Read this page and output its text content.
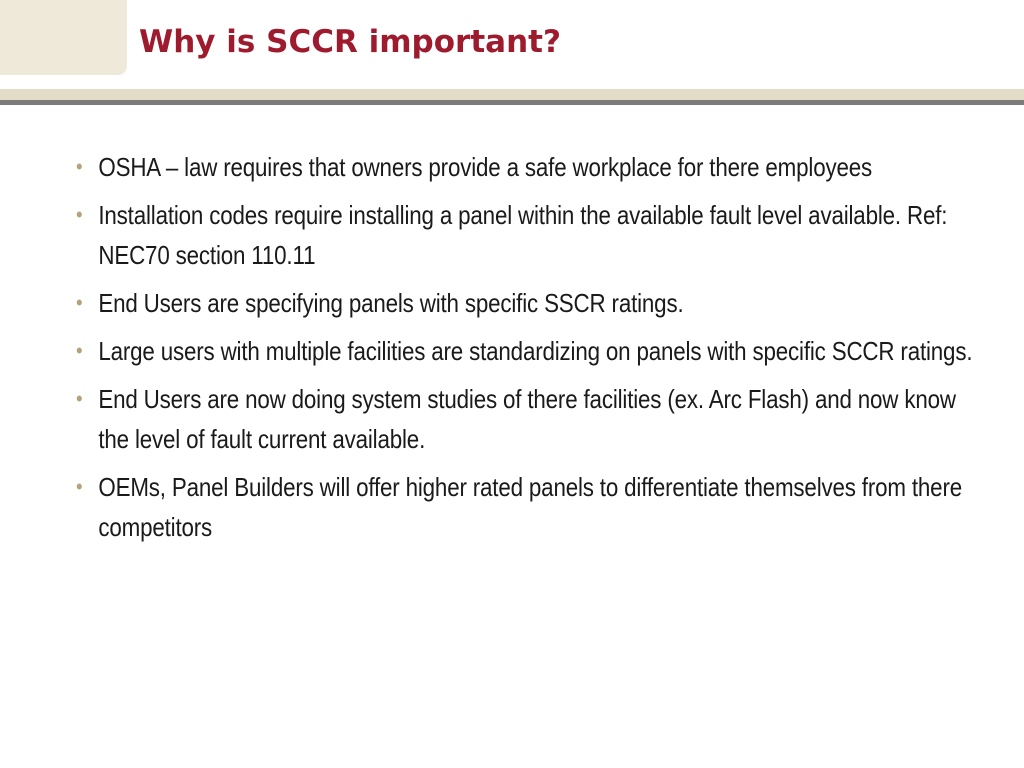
Why is SCCR important?
• OSHA – law requires that owners provide a safe workplace for there employees
• Installation codes require installing a panel within the available fault level available. Ref: NEC70 section 110.11
• End Users are specifying panels with specific SSCR ratings.
• Large users with multiple facilities are standardizing on panels with specific SCCR ratings.
• End Users are now doing system studies of there facilities (ex. Arc Flash) and now know the level of fault current available.
• OEMs, Panel Builders will offer higher rated panels to differentiate themselves from there competitors
